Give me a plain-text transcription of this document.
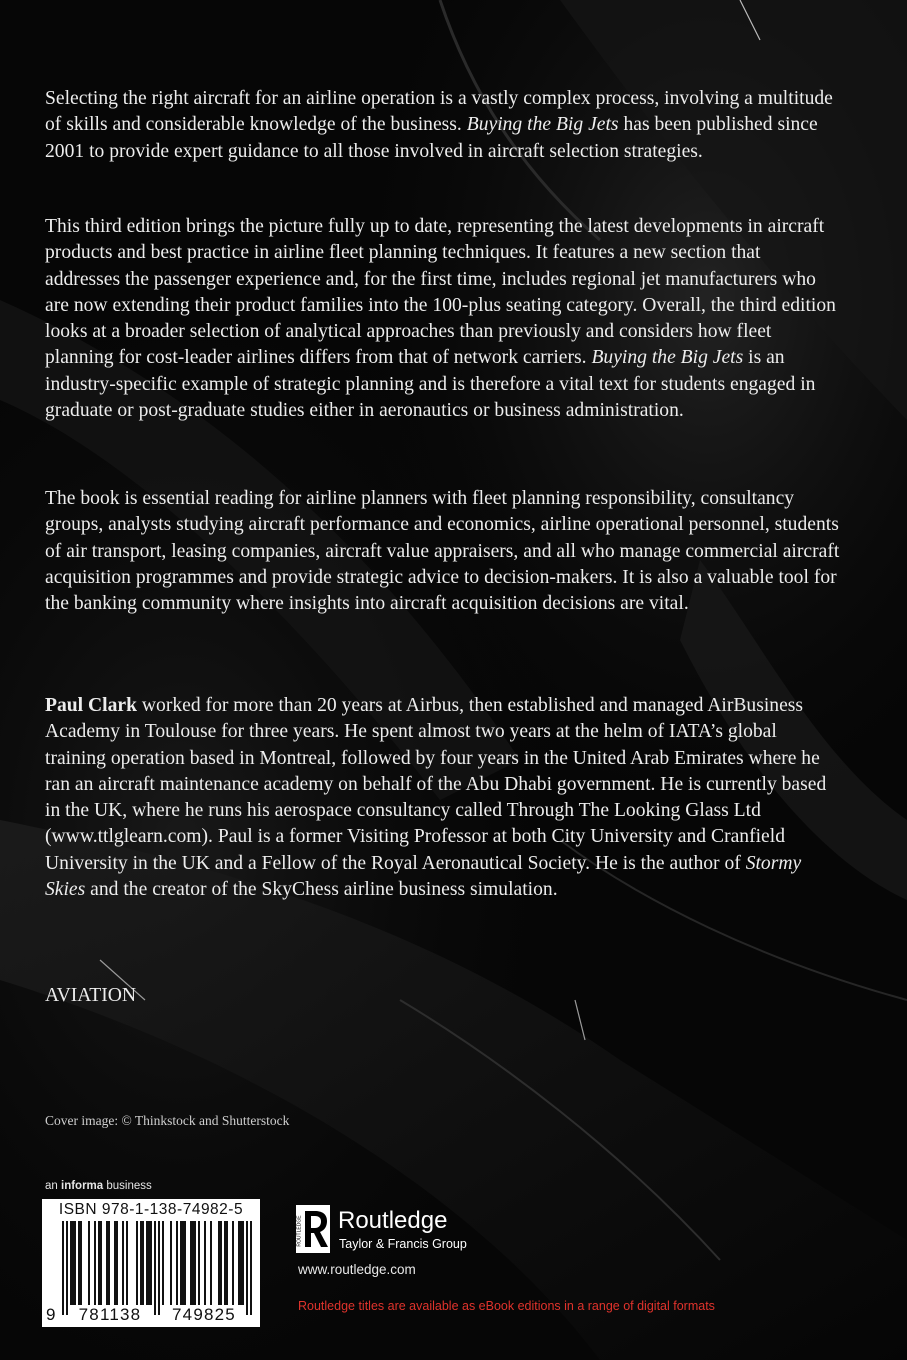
Selecting the right aircraft for an airline operation is a vastly complex process, involving a multitude of skills and considerable knowledge of the business. Buying the Big Jets has been published since 2001 to provide expert guidance to all those involved in aircraft selection strategies.

This third edition brings the picture fully up to date, representing the latest developments in aircraft products and best practice in airline fleet planning techniques. It features a new section that addresses the passenger experience and, for the first time, includes regional jet manufacturers who are now extending their product families into the 100-plus seating category. Overall, the third edition looks at a broader selection of analytical approaches than previously and considers how fleet planning for cost-leader airlines differs from that of network carriers. Buying the Big Jets is an industry-specific example of strategic planning and is therefore a vital text for students engaged in graduate or post-graduate studies either in aeronautics or business administration.

The book is essential reading for airline planners with fleet planning responsibility, consultancy groups, analysts studying aircraft performance and economics, airline operational personnel, students of air transport, leasing companies, aircraft value appraisers, and all who manage commercial aircraft acquisition programmes and provide strategic advice to decision-makers. It is also a valuable tool for the banking community where insights into aircraft acquisition decisions are vital.

Paul Clark worked for more than 20 years at Airbus, then established and managed AirBusiness Academy in Toulouse for three years. He spent almost two years at the helm of IATA’s global training operation based in Montreal, followed by four years in the United Arab Emirates where he ran an aircraft maintenance academy on behalf of the Abu Dhabi government. He is currently based in the UK, where he runs his aerospace consultancy called Through The Looking Glass Ltd (www.ttlglearn.com). Paul is a former Visiting Professor at both City University and Cranfield University in the UK and a Fellow of the Royal Aeronautical Society. He is the author of Stormy Skies and the creator of the SkyChess airline business simulation.

AVIATION
Cover image: © Thinkstock and Shutterstock
an informa business
ISBN 978-1-138-74982-5
9	781138	749825
ROUTLEDGE Routledge
Taylor & Francis Group
www.routledge.com
Routledge titles are available as eBook editions in a range of digital formats
